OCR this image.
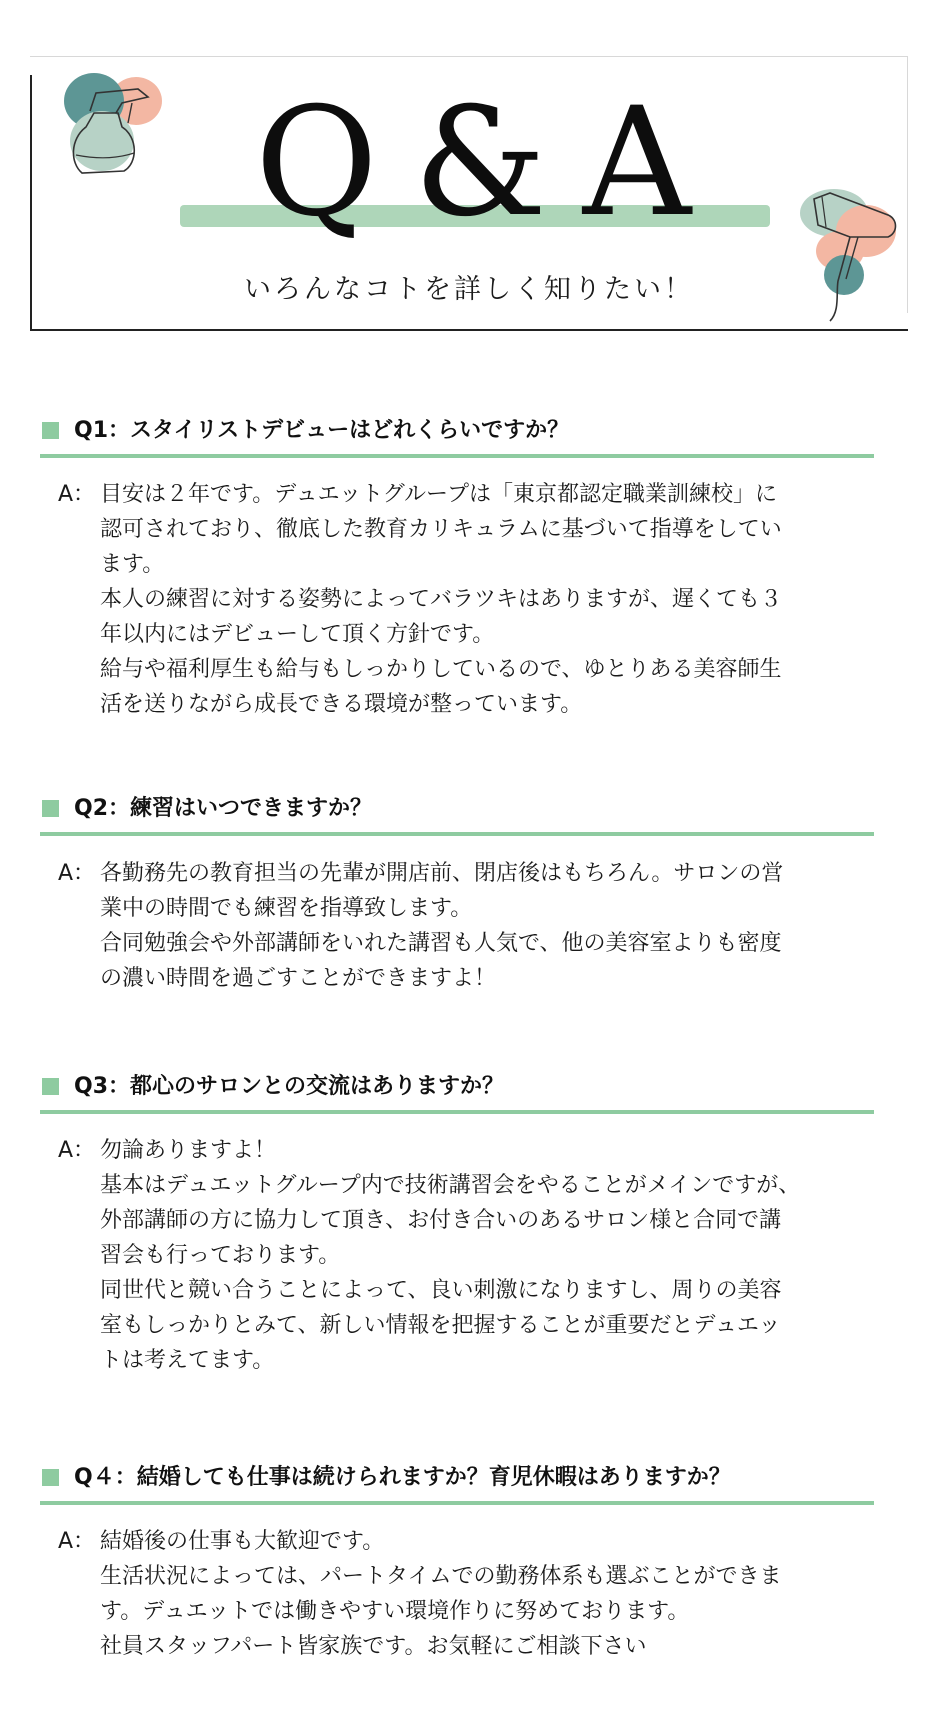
Q & A
いろんなコトを詳しく知りたい！
Q1：スタイリストデビューはどれくらいですか？
A： 目安は２年です。デュエットグループは「東京都認定職業訓練校」に
認可されており、徹底した教育カリキュラムに基づいて指導をしてい
ます。
本人の練習に対する姿勢によってバラツキはありますが、遅くても３
年以内にはデビューして頂く方針です。
給与や福利厚生も給与もしっかりしているので、ゆとりある美容師生
活を送りながら成長できる環境が整っています。
Q2：練習はいつできますか？
A： 各勤務先の教育担当の先輩が開店前、閉店後はもちろん。サロンの営
業中の時間でも練習を指導致します。
合同勉強会や外部講師をいれた講習も人気で、他の美容室よりも密度
の濃い時間を過ごすことができますよ！
Q3：都心のサロンとの交流はありますか？
A： 勿論ありますよ！
基本はデュエットグループ内で技術講習会をやることがメインですが、
外部講師の方に協力して頂き、お付き合いのあるサロン様と合同で講
習会も行っております。
同世代と競い合うことによって、良い刺激になりますし、周りの美容
室もしっかりとみて、新しい情報を把握することが重要だとデュエッ
トは考えてます。
Q４：結婚しても仕事は続けられますか？育児休暇はありますか？
A： 結婚後の仕事も大歓迎です。
生活状況によっては、パートタイムでの勤務体系も選ぶことができま
す。デュエットでは働きやすい環境作りに努めております。
社員スタッフパート皆家族です。お気軽にご相談下さい
